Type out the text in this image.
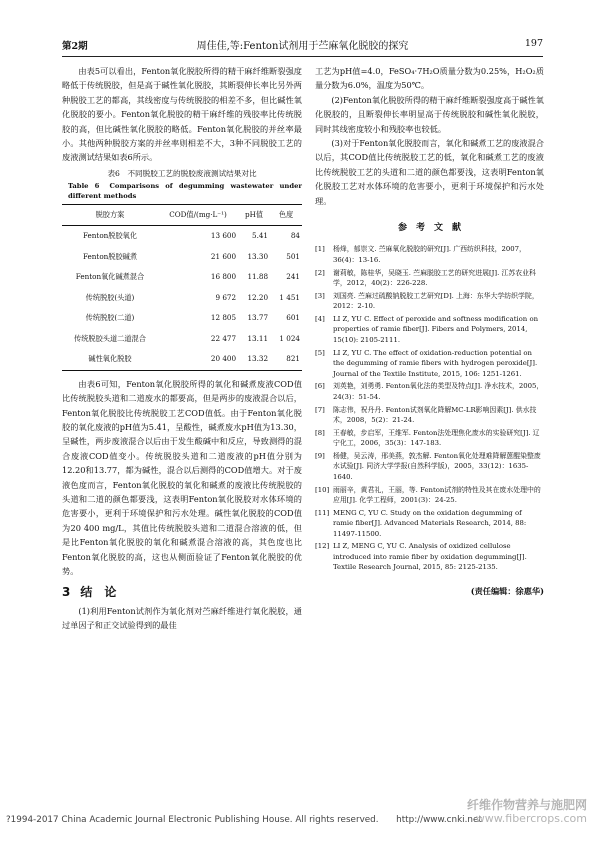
第2期	周佳佳,等:Fenton试剂用于苎麻氧化脱胶的探究	197

由表5可以看出，Fenton氧化脱胶所得的精干麻纤维断裂强度略低于传统脱胶，但是高于碱性氧化脱胶，其断裂伸长率比另外两种脱胶工艺的都高，其线密度与传统脱胶的相差不多，但比碱性氧化脱胶的要小。Fenton氧化脱胶的精干麻纤维的残胶率比传统脱胶的高，但比碱性氧化脱胶的略低。Fenton氧化脱胶的并丝率最小。其他两种脱胶方案的并丝率则相差不大，3种不同脱胶工艺的废液测试结果如表6所示。

表6　不同脱胶工艺的脱胶废液测试结果对比
Table 6 Comparisons of degumming wastewater under different methods
脱胶方案	COD值/(mg·L⁻¹)	pH值	色度
Fenton脱胶氧化	13 600	5.41	84
Fenton脱胶碱煮	21 600	13.30	501
Fenton氧化碱煮混合	16 800	11.88	241
传统脱胶(头道)	9 672	12.20	1 451
传统脱胶(二道)	12 805	13.77	601
传统脱胶头道二道混合	22 477	13.11	1 024
碱性氧化脱胶	20 400	13.32	821

由表6可知，Fenton氧化脱胶所得的氧化和碱煮废液COD值比传统脱胶头道和二道废水的都要高，但是两步的废液混合以后，Fenton氧化脱胶比传统脱胶工艺COD值低。由于Fenton氧化脱胶的氧化废液的pH值为5.41，呈酸性，碱煮废水pH值为13.30，呈碱性，两步废液混合以后由于发生酸碱中和反应，导致测得的混合废液COD值变小。传统脱胶头道和二道废液的pH值分别为12.20和13.77，都为碱性，混合以后测得的COD值增大。对于废液色度而言，Fenton氧化脱胶的氧化和碱煮的废液比传统脱胶的头道和二道的颜色都要浅，这表明Fenton氧化脱胶对水体环境的危害要小，更利于环境保护和污水处理。碱性氧化脱胶的COD值为20 400 mg/L，其值比传统脱胶头道和二道混合溶液的低，但是比Fenton氧化脱胶的氧化和碱煮混合溶液的高，其色度也比Fenton氧化脱胶的高，这也从侧面验证了Fenton氧化脱胶的优势。

3 结　论

(1)利用Fenton试剂作为氧化剂对苎麻纤维进行氧化脱胶，通过单因子和正交试验得到的最佳

工艺为pH值=4.0，FeSO₄·7H₂O质量分数为0.25%，H₂O₂质量分数为6.0%，温度为50℃。

(2)Fenton氧化脱胶所得的精干麻纤维断裂强度高于碱性氧化脱胶的，且断裂伸长率明显高于传统脱胶和碱性氧化脱胶，同时其线密度较小和残胶率也较低。

(3)对于Fenton氧化脱胶而言，氧化和碱煮工艺的废液混合以后，其COD值比传统脱胶工艺的低，氧化和碱煮工艺的废液比传统脱胶工艺的头道和二道的颜色都要浅，这表明Fenton氧化脱胶工艺对水体环境的危害要小，更利于环境保护和污水处理。

参　考　文　献
[1] 杨烽，郁崇文. 苎麻氧化脱胶的研究[J]. 广西纺织科技，2007，36(4)：13-16.
[2] 谢莉敏，陈桂华，吴晓玉. 苎麻脱胶工艺的研究进展[J]. 江苏农业科学，2012，40(2)：226-228.
[3] 刘国亮. 苎麻过硫酸钠脱胶工艺研究[D]. 上海：东华大学纺织学院，2012：2-10.
[4] LI Z, YU C. Effect of peroxide and softness modification on properties of ramie fiber[J]. Fibers and Polymers, 2014, 15(10): 2105-2111.
[5] LI Z, YU C. The effect of oxidation-reduction potential on the degumming of ramie fibers with hydrogen peroxide[J]. Journal of the Textile Institute, 2015, 106: 1251-1261.
[6] 刘英艳，刘勇勇. Fenton氧化法的类型及特点[J]. 净水技术，2005，24(3)：51-54.
[7] 陈志伟，祝丹丹. Fenton试剂氧化降解MC-LR影响因素[J]. 供水技术，2008，5(2)：21-24.
[8] 王春敏，步启军，王维军. Fenton法处理焦化废水的实验研究[J]. 辽宁化工，2006，35(3)：147-183.
[9] 杨健，吴云涛，邢美燕，敦杰解. Fenton氧化处理难降解蒽醌染整废水试验[J]. 同济大学学报(自然科学版)，2005，33(12)：1635-1640.
[10] 雨丽辛，黄君礼，王丽，等. Fenton试剂的特性及其在废水处理中的应用[J]. 化学工程师，2001(3)：24-25.
[11] MENG C, YU C. Study on the oxidation degumming of ramie fiber[J]. Advanced Materials Research, 2014, 88: 11497-11500.
[12] LI Z, MENG C, YU C. Analysis of oxidized cellulose introduced into ramie fiber by oxidation degumming[J]. Textile Research Journal, 2015, 85: 2125-2135.
(责任编辑：徐惠华)
?1994-2017 China Academic Journal Electronic Publishing House. All rights reserved.　　http://www.cnki.net
纤维作物营养与施肥网
www.fibercrops.com
